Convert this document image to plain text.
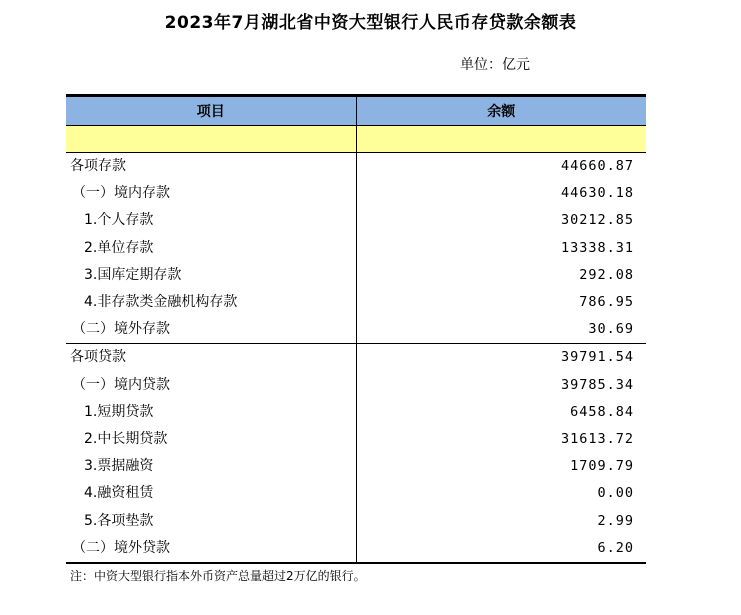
2023年7月湖北省中资大型银行人民币存贷款余额表
单位：亿元
项目	余额

各项存款	44660.87
（一）境内存款	44630.18
1.个人存款	30212.85
2.单位存款	13338.31
3.国库定期存款	292.08
4.非存款类金融机构存款	786.95
（二）境外存款	30.69
各项贷款	39791.54
（一）境内贷款	39785.34
1.短期贷款	6458.84
2.中长期贷款	31613.72
3.票据融资	1709.79
4.融资租赁	0.00
5.各项垫款	2.99
（二）境外贷款	6.20
注：中资大型银行指本外币资产总量超过2万亿的银行。
